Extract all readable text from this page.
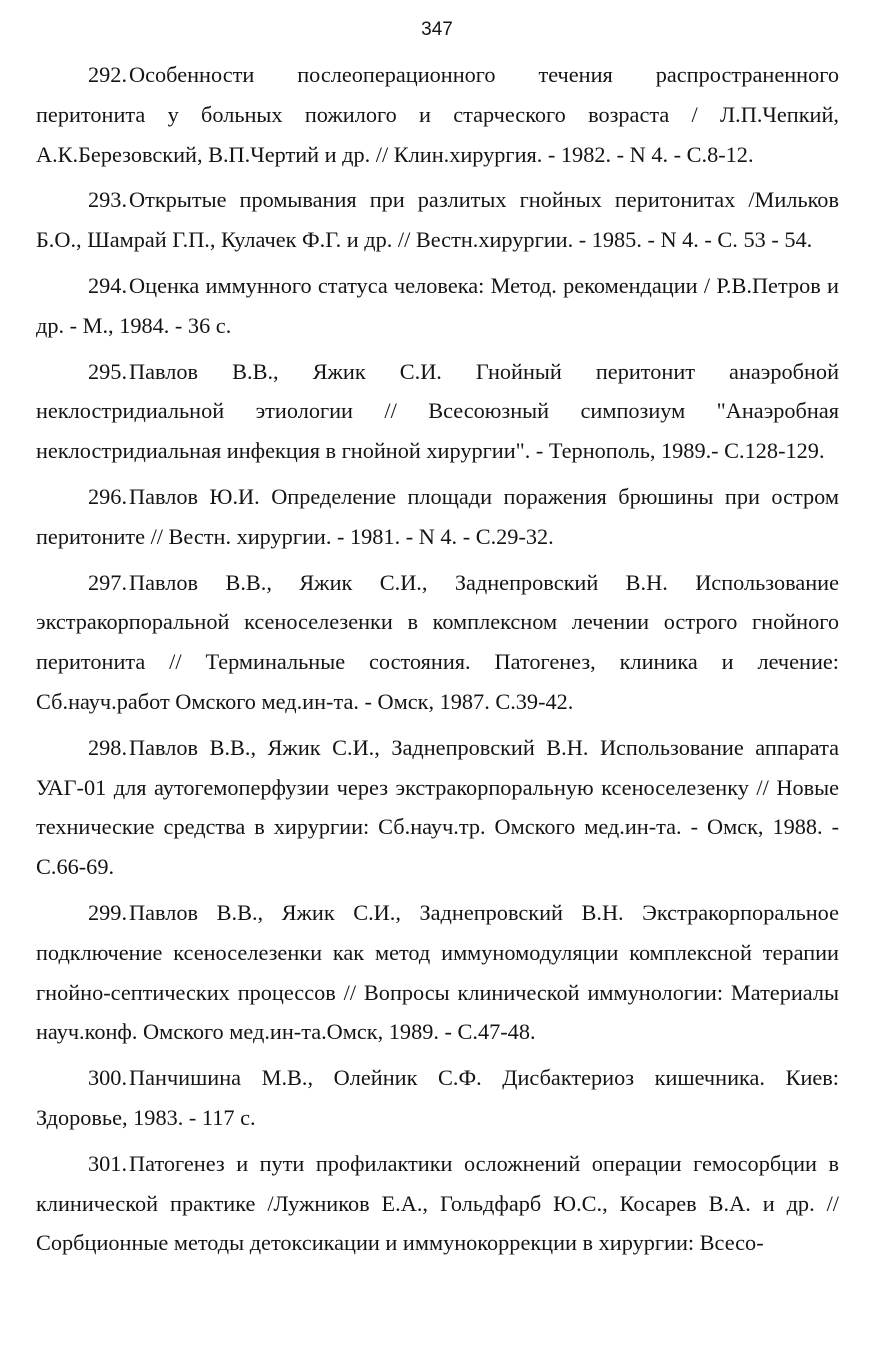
347

292.Особенности послеоперационного течения распространенного перитонита у больных пожилого и старческого возраста / Л.П.Чепкий, А.К.Березовский, В.П.Чертий и др. // Клин.хирургия. - 1982. - N 4. - С.8-12.

293.Открытые промывания при разлитых гнойных перитонитах /Мильков Б.О., Шамрай Г.П., Кулачек Ф.Г. и др. // Вестн.хирургии. - 1985. - N 4. - С. 53 - 54.

294.Оценка иммунного статуса человека: Метод. рекомендации / Р.В.Петров и др. - М., 1984. - 36 с.

295.Павлов В.В., Яжик С.И. Гнойный перитонит анаэробной неклостридиальной этиологии // Всесоюзный симпозиум "Анаэробная неклостридиальная инфекция в гнойной хирургии". - Тернополь, 1989.- С.128-129.

296.Павлов Ю.И. Определение площади поражения брюшины при остром перитоните // Вестн. хирургии. - 1981. - N 4. - С.29-32.

297.Павлов В.В., Яжик С.И., Заднепровский В.Н. Использование экстракорпоральной ксеноселезенки в комплексном лечении острого гнойного перитонита // Терминальные состояния. Патогенез, клиника и лечение: Сб.науч.работ Омского мед.ин-та. - Омск, 1987. С.39-42.

298.Павлов В.В., Яжик С.И., Заднепровский В.Н. Использование аппарата УАГ-01 для аутогемоперфузии через экстракорпоральную ксеноселезенку // Новые технические средства в хирургии: Сб.науч.тр. Омского мед.ин-та. - Омск, 1988. - С.66-69.

299.Павлов В.В., Яжик С.И., Заднепровский В.Н. Экстракорпоральное подключение ксеноселезенки как метод иммуномодуляции комплексной терапии гнойно-септических процессов // Вопросы клинической иммунологии: Материалы науч.конф. Омского мед.ин-та.Омск, 1989. - С.47-48.

300.Панчишина М.В., Олейник С.Ф. Дисбактериоз кишечника. Киев: Здоровье, 1983. - 117 с.

301.Патогенез и пути профилактики осложнений операции гемосорбции в клинической практике /Лужников Е.А., Гольдфарб Ю.С., Косарев В.А. и др. // Сорбционные методы детоксикации и иммунокоррекции в хирургии: Всесо-
